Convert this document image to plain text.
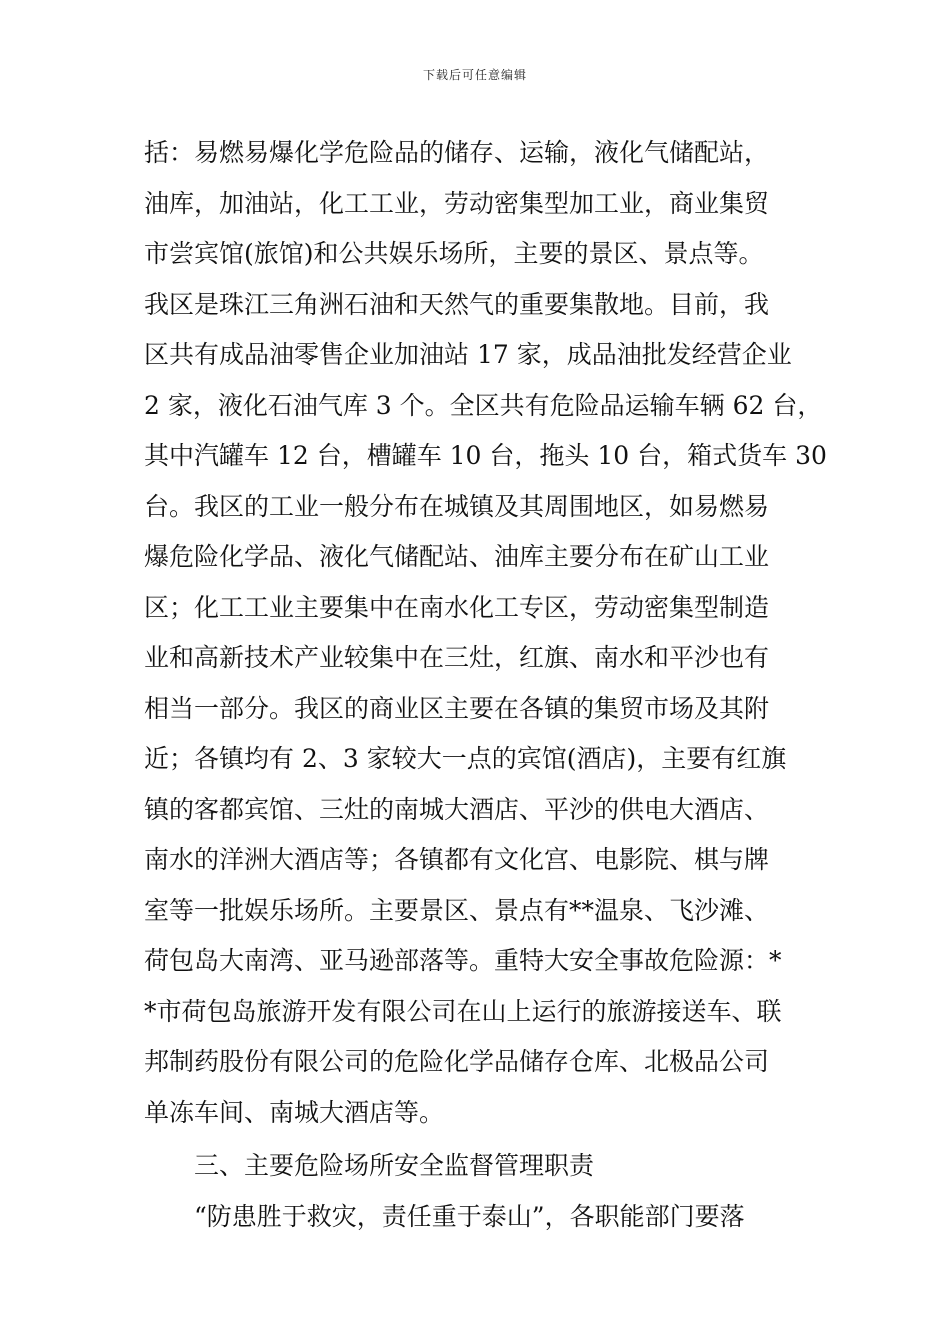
下载后可任意编辑
括：易燃易爆化学危险品的储存、运输，液化气储配站，
油库，加油站，化工工业，劳动密集型加工业，商业集贸
市尝宾馆(旅馆)和公共娱乐场所，主要的景区、景点等。
我区是珠江三角洲石油和天然气的重要集散地。目前，我
区共有成品油零售企业加油站 17 家，成品油批发经营企业
2 家，液化石油气库 3 个。全区共有危险品运输车辆 62 台，
其中汽罐车 12 台，槽罐车 10 台，拖头 10 台，箱式货车 30
台。我区的工业一般分布在城镇及其周围地区，如易燃易
爆危险化学品、液化气储配站、油库主要分布在矿山工业
区；化工工业主要集中在南水化工专区，劳动密集型制造
业和高新技术产业较集中在三灶，红旗、南水和平沙也有
相当一部分。我区的商业区主要在各镇的集贸市场及其附
近；各镇均有 2、3 家较大一点的宾馆(酒店)，主要有红旗
镇的客都宾馆、三灶的南城大酒店、平沙的供电大酒店、
南水的洋洲大酒店等；各镇都有文化宫、电影院、棋与牌
室等一批娱乐场所。主要景区、景点有**温泉、飞沙滩、
荷包岛大南湾、亚马逊部落等。重特大安全事故危险源：*
*市荷包岛旅游开发有限公司在山上运行的旅游接送车、联
邦制药股份有限公司的危险化学品储存仓库、北极品公司
单冻车间、南城大酒店等。
三、主要危险场所安全监督管理职责
“防患胜于救灾，责任重于泰山”，各职能部门要落
